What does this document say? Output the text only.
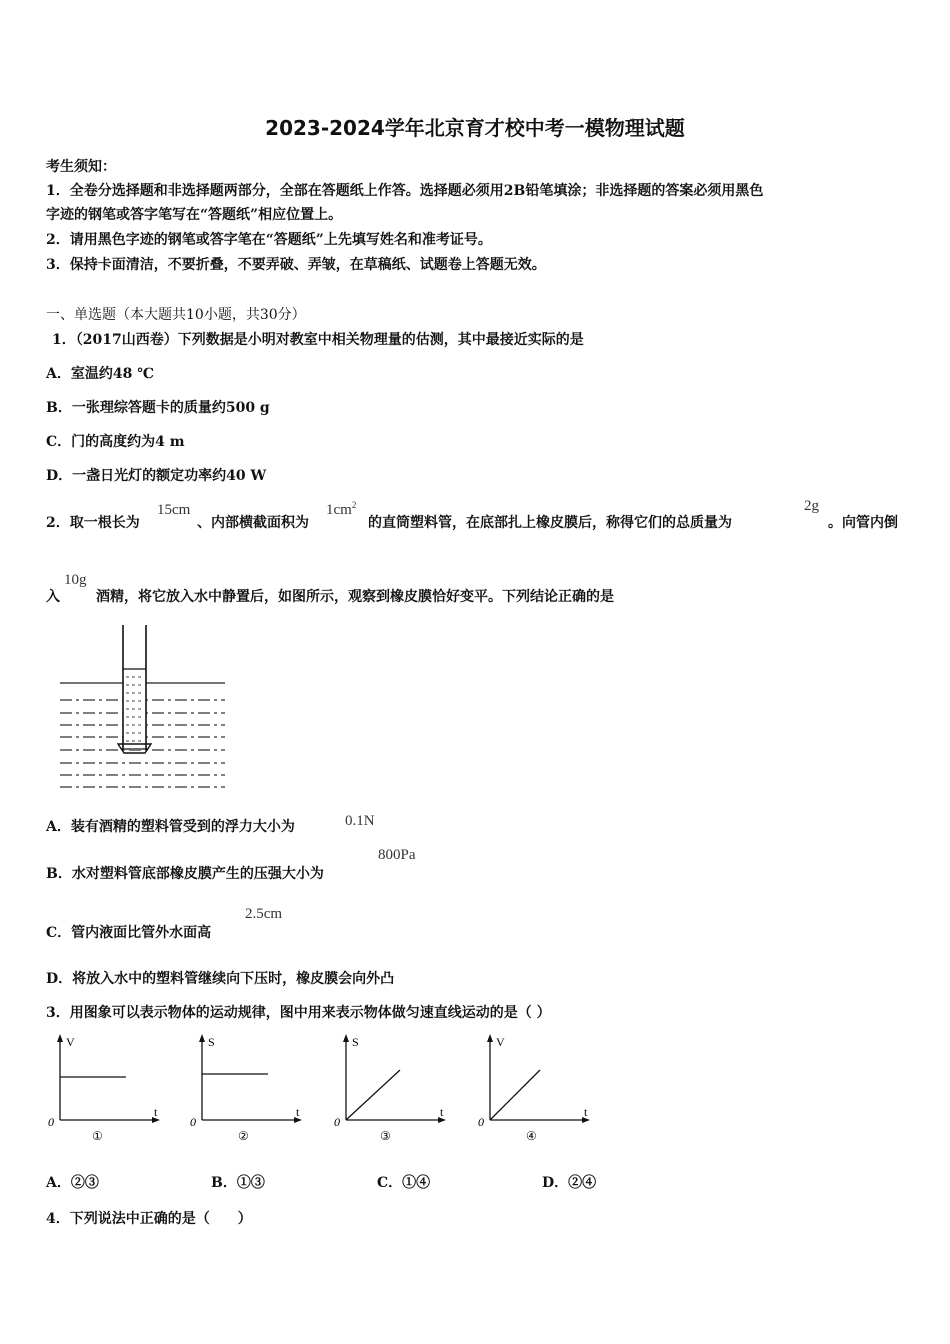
2023-2024学年北京育才校中考一模物理试题
考生须知：
1．全卷分选择题和非选择题两部分，全部在答题纸上作答。选择题必须用2B铅笔填涂；非选择题的答案必须用黑色
字迹的钢笔或答字笔写在“答题纸”相应位置上。
2．请用黑色字迹的钢笔或答字笔在“答题纸”上先填写姓名和准考证号。
3．保持卡面清洁，不要折叠，不要弄破、弄皱，在草稿纸、试题卷上答题无效。
一、单选题（本大题共10小题，共30分）
1．（2017山西卷）下列数据是小明对教室中相关物理量的估测，其中最接近实际的是
A．室温约48 ℃
B．一张理综答题卡的质量约500 g
C．门的高度约为4 m
D．一盏日光灯的额定功率约40 W
2．取一根长为
15cm
、内部横截面积为
$1cm^2$
的直筒塑料管，在底部扎上橡皮膜后，称得它们的总质量为
2g
。向管内倒
入
10g
酒精，将它放入水中静置后，如图所示，观察到橡皮膜恰好变平。下列结论正确的是
A．装有酒精的塑料管受到的浮力大小为	0.1N
B．水对塑料管底部橡皮膜产生的压强大小为
800Pa
C．管内液面比管外水面高
2.5cm
D．将放入水中的塑料管继续向下压时，橡皮膜会向外凸
3．用图象可以表示物体的运动规律，图中用来表示物体做匀速直线运动的是（ ）
V
t
0
①
S
t
0
②
S
t
0
③
V
t
0
④
A．②③	B．①③	C．①④	D．②④
4．下列说法中正确的是（　　）
